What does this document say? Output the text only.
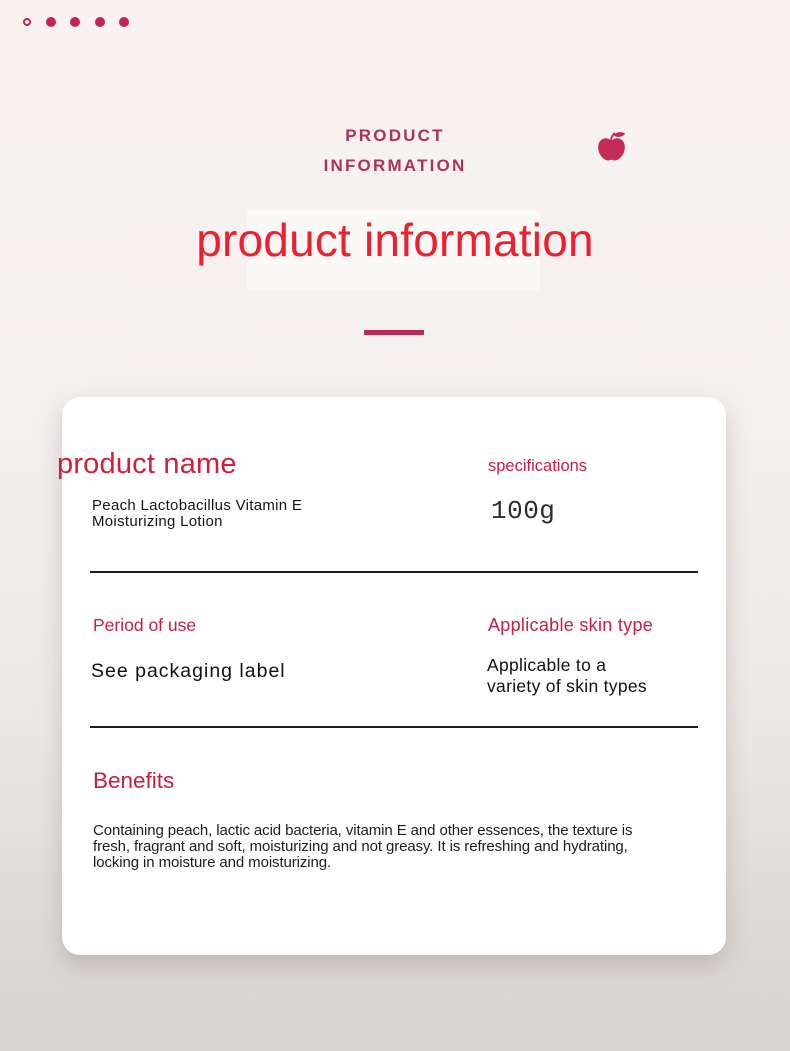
PRODUCT
INFORMATION
product information
product name
Peach Lactobacillus Vitamin E
Moisturizing Lotion
specifications
100g
Period of use
See packaging label
Applicable skin type
Applicable to a
variety of skin types
Benefits

Containing peach, lactic acid bacteria, vitamin E and other essences, the texture is fresh, fragrant and soft, moisturizing and not greasy. It is refreshing and hydrating, locking in moisture and moisturizing.
